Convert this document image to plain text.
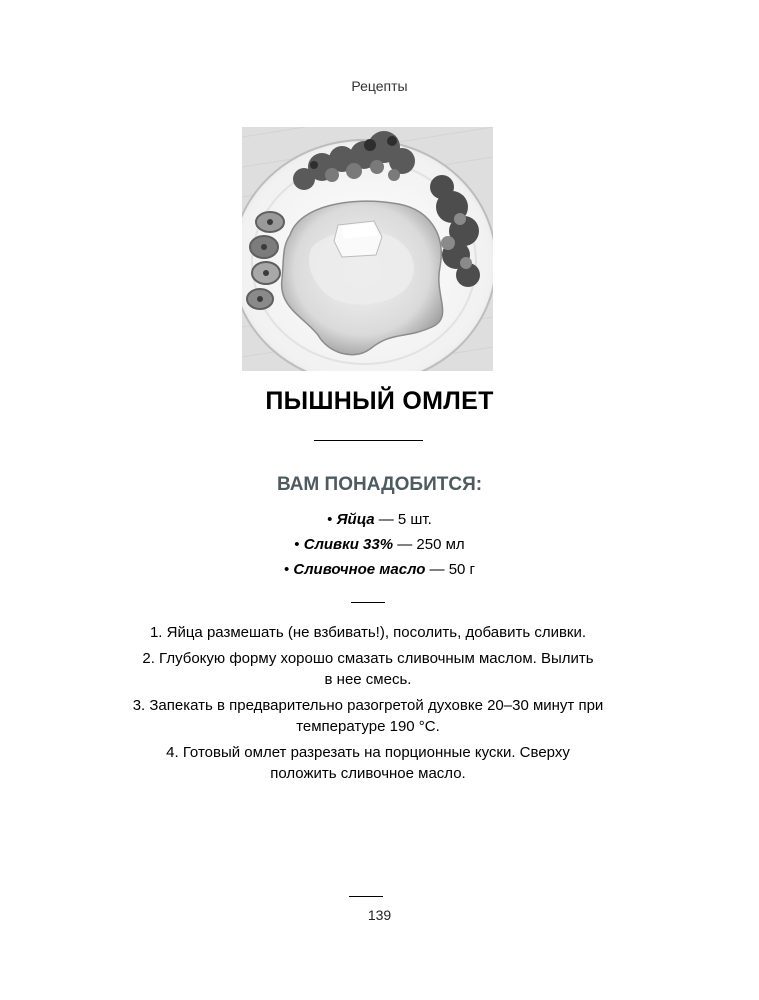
Рецепты
ПЫШНЫЙ ОМЛЕТ
ВАМ ПОНАДОБИТСЯ:
• Яйца — 5 шт.
• Сливки 33% — 250 мл
• Сливочное масло — 50 г
1. Яйца размешать (не взбивать!), посолить, добавить сливки.
2. Глубокую форму хорошо смазать сливочным маслом. Вылить
в нее смесь.
3. Запекать в предварительно разогретой духовке 20–30 минут при
температуре 190 °С.
4. Готовый омлет разрезать на порционные куски. Сверху
положить сливочное масло.
139
